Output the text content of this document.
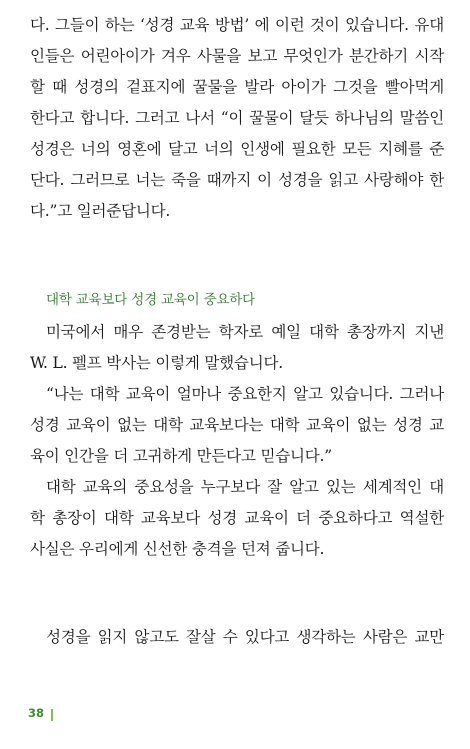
다. 그들이 하는 ‘성경 교육 방법’ 에 이런 것이 있습니다. 유대
인들은 어린아이가 겨우 사물을 보고 무엇인가 분간하기 시작
할 때 성경의 겉표지에 꿀물을 발라 아이가 그것을 빨아먹게
한다고 합니다. 그러고 나서 “이 꿀물이 달듯 하나님의 말씀인
성경은 너의 영혼에 달고 너의 인생에 필요한 모든 지혜를 준
단다. 그러므로 너는 죽을 때까지 이 성경을 읽고 사랑해야 한
다.”고 일러준답니다.
대학 교육보다 성경 교육이 중요하다
미국에서 매우 존경받는 학자로 예일 대학 총장까지 지낸
W. L. 펠프 박사는 이렇게 말했습니다.
“나는 대학 교육이 얼마나 중요한지 알고 있습니다. 그러나
성경 교육이 없는 대학 교육보다는 대학 교육이 없는 성경 교
육이 인간을 더 고귀하게 만든다고 믿습니다.”
대학 교육의 중요성을 누구보다 잘 알고 있는 세계적인 대
학 총장이 대학 교육보다 성경 교육이 더 중요하다고 역설한
사실은 우리에게 신선한 충격을 던져 줍니다.
성경을 읽지 않고도 잘살 수 있다고 생각하는 사람은 교만
38
